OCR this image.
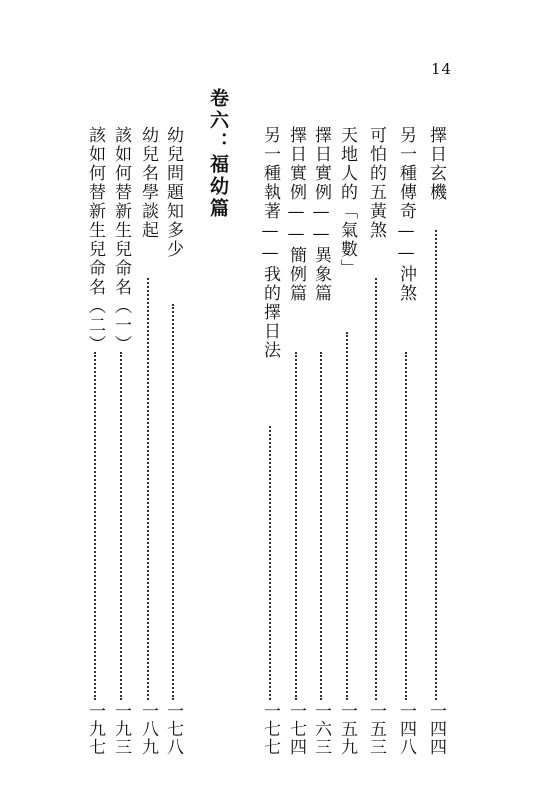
14
擇日玄機
一四四
另一種傳奇——沖煞
一四八
可怕的五黃煞
一五三
天地人的「氣數」
一五九
擇日實例——異象篇
一六三
擇日實例——簡例篇
一七四
另一種執著——我的擇日法
一七七
卷六：福幼篇
幼兒問題知多少
一七八
幼兒名學談起
一八九
該如何替新生兒命名（一）
一九三
該如何替新生兒命名（二）
一九七
